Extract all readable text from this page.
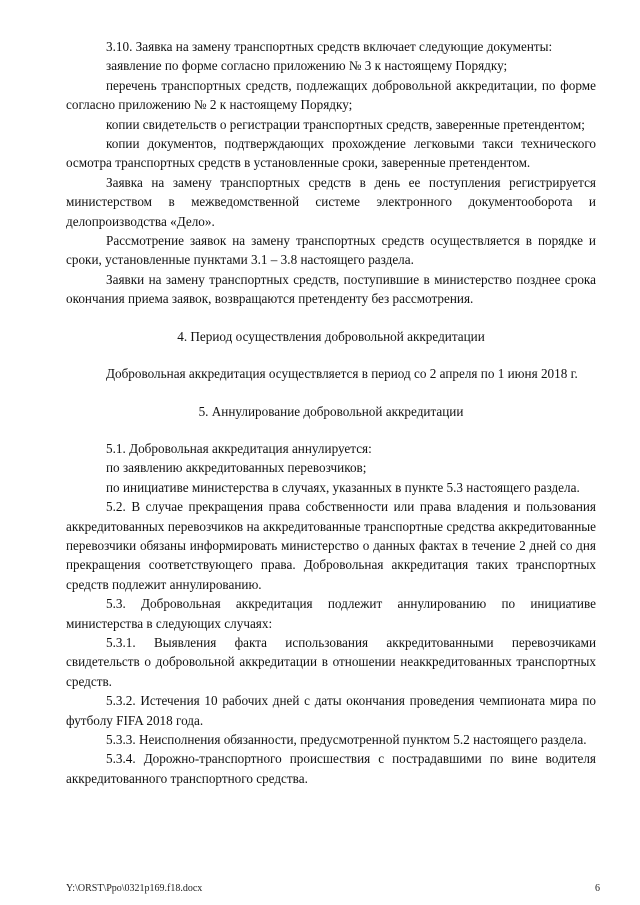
3.10. Заявка на замену транспортных средств включает следующие документы:

заявление по форме согласно приложению № 3 к настоящему Порядку;

перечень транспортных средств, подлежащих добровольной аккредитации, по форме согласно приложению № 2 к настоящему Порядку;

копии свидетельств о регистрации транспортных средств, заверенные претендентом;

копии документов, подтверждающих прохождение легковыми такси технического осмотра транспортных средств в установленные сроки, заверенные претендентом.

Заявка на замену транспортных средств в день ее поступления регистрируется министерством в межведомственной системе электронного документооборота и делопроизводства «Дело».

Рассмотрение заявок на замену транспортных средств осуществляется в порядке и сроки, установленные пунктами 3.1 – 3.8 настоящего раздела.

Заявки на замену транспортных средств, поступившие в министерство позднее срока окончания приема заявок, возвращаются претенденту без рассмотрения.

4. Период осуществления добровольной аккредитации

Добровольная аккредитация осуществляется в период со 2 апреля по 1 июня 2018 г.

5. Аннулирование добровольной аккредитации

5.1. Добровольная аккредитация аннулируется:

по заявлению аккредитованных перевозчиков;

по инициативе министерства в случаях, указанных в пункте 5.3 настоящего раздела.

5.2. В случае прекращения права собственности или права владения и пользования аккредитованных перевозчиков на аккредитованные транспортные средства аккредитованные перевозчики обязаны информировать министерство о данных фактах в течение 2 дней со дня прекращения соответствующего права. Добровольная аккредитация таких транспортных средств подлежит аннулированию.

5.3. Добровольная аккредитация подлежит аннулированию по инициативе министерства в следующих случаях:

5.3.1. Выявления факта использования аккредитованными перевозчиками свидетельств о добровольной аккредитации в отношении неаккредитованных транспортных средств.

5.3.2. Истечения 10 рабочих дней с даты окончания проведения чемпионата мира по футболу FIFA 2018 года.

5.3.3. Неисполнения обязанности, предусмотренной пунктом 5.2 настоящего раздела.

5.3.4. Дорожно-транспортного происшествия с пострадавшими по вине водителя аккредитованного транспортного средства.

Y:\ORST\Ppo\0321p169.f18.docx	6
